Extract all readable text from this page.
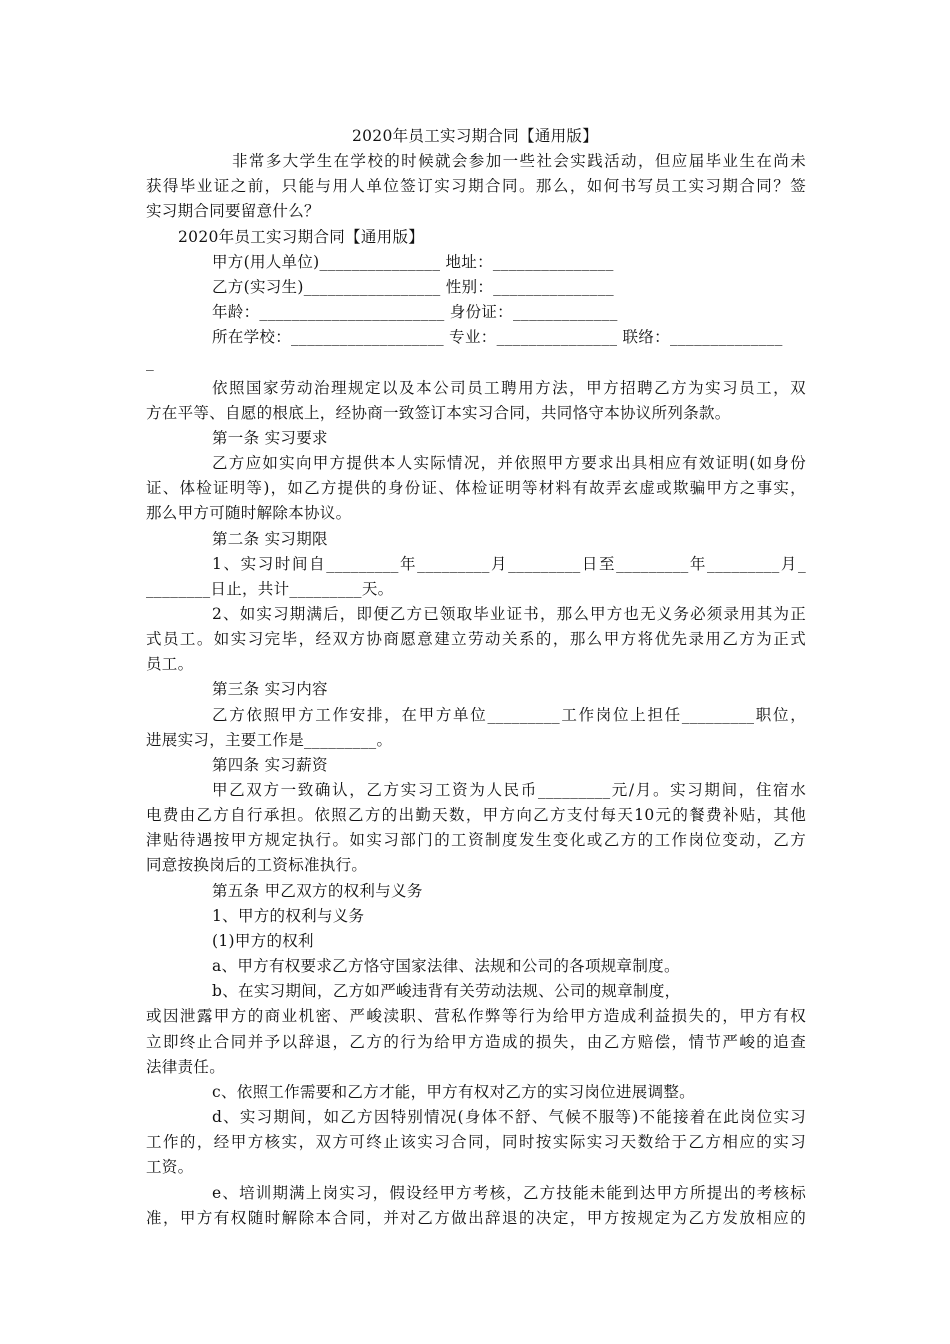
2020年员工实习期合同【通用版】
非常多大学生在学校的时候就会参加一些社会实践活动，但应届毕业生在尚未
获得毕业证之前，只能与用人单位签订实习期合同。那么，如何书写员工实习期合同？签
实习期合同要留意什么？
2020年员工实习期合同【通用版】
甲方(用人单位)_______________ 地址：_______________
乙方(实习生)_________________ 性别：_______________
年龄：_______________________ 身份证：_____________
所在学校：___________________ 专业：_______________ 联络：______________
_
依照国家劳动治理规定以及本公司员工聘用方法，甲方招聘乙方为实习员工，双
方在平等、自愿的根底上，经协商一致签订本实习合同，共同恪守本协议所列条款。
第一条 实习要求
乙方应如实向甲方提供本人实际情况，并依照甲方要求出具相应有效证明(如身份
证、体检证明等)，如乙方提供的身份证、体检证明等材料有故弄玄虚或欺骗甲方之事实，
那么甲方可随时解除本协议。
第二条 实习期限
1、实习时间自_________年_________月_________日至_________年_________月_
________日止，共计_________天。
2、如实习期满后，即便乙方已领取毕业证书，那么甲方也无义务必须录用其为正
式员工。如实习完毕，经双方协商愿意建立劳动关系的，那么甲方将优先录用乙方为正式
员工。
第三条 实习内容
乙方依照甲方工作安排，在甲方单位_________工作岗位上担任_________职位，
进展实习，主要工作是_________。
第四条 实习薪资
甲乙双方一致确认，乙方实习工资为人民币_________元/月。实习期间，住宿水
电费由乙方自行承担。依照乙方的出勤天数，甲方向乙方支付每天10元的餐费补贴，其他
津贴待遇按甲方规定执行。如实习部门的工资制度发生变化或乙方的工作岗位变动，乙方
同意按换岗后的工资标准执行。
第五条 甲乙双方的权利与义务
1、甲方的权利与义务
(1)甲方的权利
a、甲方有权要求乙方恪守国家法律、法规和公司的各项规章制度。
b、在实习期间，乙方如严峻违背有关劳动法规、公司的规章制度，
或因泄露甲方的商业机密、严峻渎职、营私作弊等行为给甲方造成利益损失的，甲方有权
立即终止合同并予以辞退，乙方的行为给甲方造成的损失，由乙方赔偿，情节严峻的追查
法律责任。
c、依照工作需要和乙方才能，甲方有权对乙方的实习岗位进展调整。
d、实习期间，如乙方因特别情况(身体不舒、气候不服等)不能接着在此岗位实习
工作的，经甲方核实，双方可终止该实习合同，同时按实际实习天数给于乙方相应的实习
工资。
e、培训期满上岗实习，假设经甲方考核，乙方技能未能到达甲方所提出的考核标
准，甲方有权随时解除本合同，并对乙方做出辞退的决定，甲方按规定为乙方发放相应的
